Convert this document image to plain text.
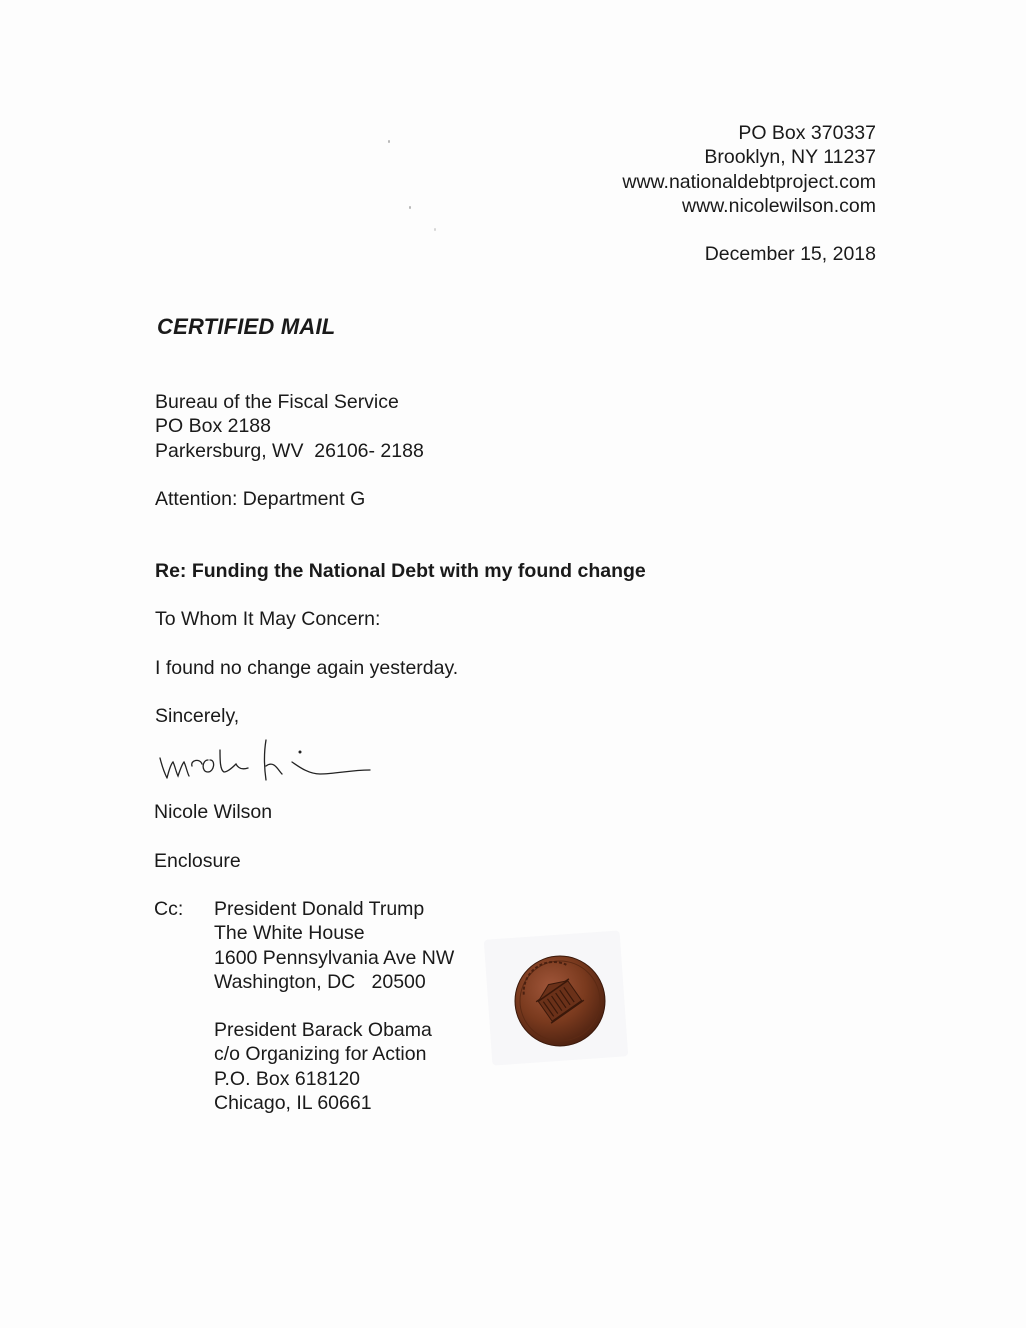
PO Box 370337
Brooklyn, NY 11237
www.nationaldebtproject.com
www.nicolewilson.com
December 15, 2018
CERTIFIED MAIL
Bureau of the Fiscal Service
PO Box 2188
Parkersburg, WV  26106- 2188
Attention: Department G
Re: Funding the National Debt with my found change
To Whom It May Concern:
I found no change again yesterday.
Sincerely,
Nicole Wilson
Enclosure
Cc: President Donald Trump
The White House
1600 Pennsylvania Ave NW
Washington, DC   20500
President Barack Obama
c/o Organizing for Action
P.O. Box 618120
Chicago, IL 60661
